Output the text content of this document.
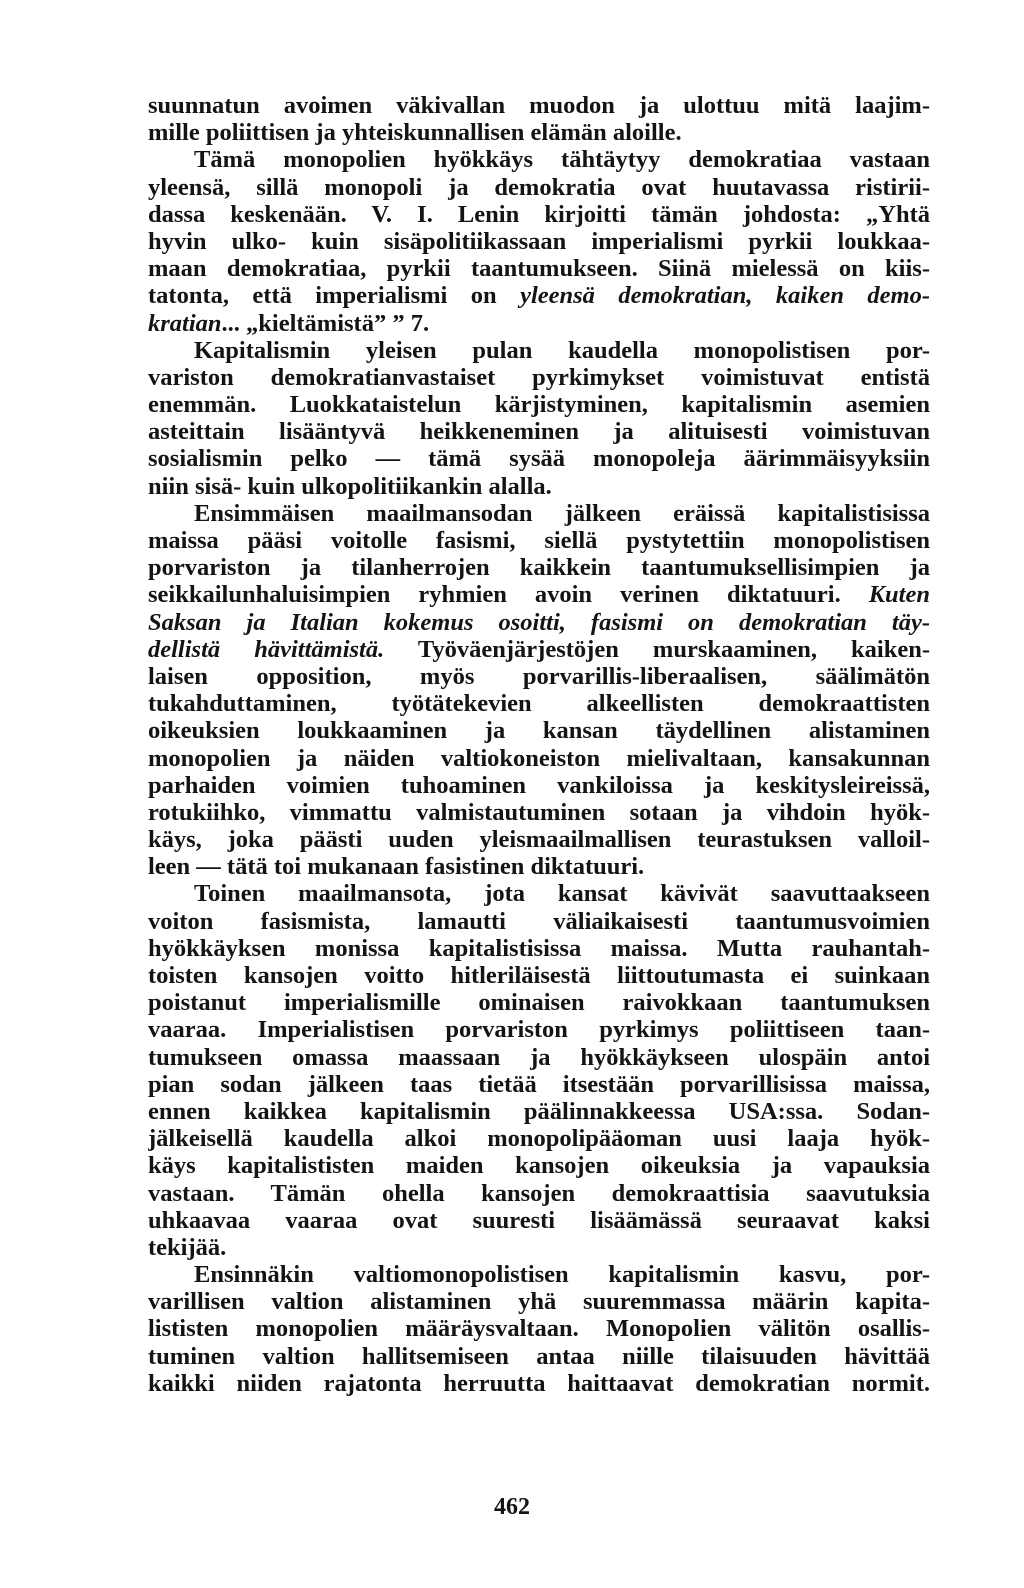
suunnatun avoimen väkivallan muodon ja ulottuu mitä laajim-
mille poliittisen ja yhteiskunnallisen elämän aloille.
Tämä monopolien hyökkäys tähtäytyy demokratiaa vastaan
yleensä, sillä monopoli ja demokratia ovat huutavassa ristirii-
dassa keskenään. V. I. Lenin kirjoitti tämän johdosta: „Yhtä
hyvin ulko- kuin sisäpolitiikassaan imperialismi pyrkii loukkaa-
maan demokratiaa, pyrkii taantumukseen. Siinä mielessä on kiis-
tatonta, että imperialismi on yleensä demokratian, kaiken demo-
kratian... „kieltämistä” ” 7.
Kapitalismin yleisen pulan kaudella monopolistisen por-
variston demokratianvastaiset pyrkimykset voimistuvat entistä
enemmän. Luokkataistelun kärjistyminen, kapitalismin asemien
asteittain lisääntyvä heikkeneminen ja alituisesti voimistuvan
sosialismin pelko — tämä sysää monopoleja äärimmäisyyksiin
niin sisä- kuin ulkopolitiikankin alalla.
Ensimmäisen maailmansodan jälkeen eräissä kapitalistisissa
maissa pääsi voitolle fasismi, siellä pystytettiin monopolistisen
porvariston ja tilanherrojen kaikkein taantumuksellisimpien ja
seikkailunhaluisimpien ryhmien avoin verinen diktatuuri. Kuten
Saksan ja Italian kokemus osoitti, fasismi on demokratian täy-
dellistä hävittämistä. Työväenjärjestöjen murskaaminen, kaiken-
laisen opposition, myös porvarillis-liberaalisen, säälimätön
tukahduttaminen, työtätekevien alkeellisten demokraattisten
oikeuksien loukkaaminen ja kansan täydellinen alistaminen
monopolien ja näiden valtiokoneiston mielivaltaan, kansakunnan
parhaiden voimien tuhoaminen vankiloissa ja keskitysleireissä,
rotukiihko, vimmattu valmistautuminen sotaan ja vihdoin hyök-
käys, joka päästi uuden yleismaailmallisen teurastuksen valloil-
leen — tätä toi mukanaan fasistinen diktatuuri.
Toinen maailmansota, jota kansat kävivät saavuttaakseen
voiton fasismista, lamautti väliaikaisesti taantumusvoimien
hyökkäyksen monissa kapitalistisissa maissa. Mutta rauhantah-
toisten kansojen voitto hitleriläisestä liittoutumasta ei suinkaan
poistanut imperialismille ominaisen raivokkaan taantumuksen
vaaraa. Imperialistisen porvariston pyrkimys poliittiseen taan-
tumukseen omassa maassaan ja hyökkäykseen ulospäin antoi
pian sodan jälkeen taas tietää itsestään porvarillisissa maissa,
ennen kaikkea kapitalismin päälinnakkeessa USA:ssa. Sodan-
jälkeisellä kaudella alkoi monopolipääoman uusi laaja hyök-
käys kapitalististen maiden kansojen oikeuksia ja vapauksia
vastaan. Tämän ohella kansojen demokraattisia saavutuksia
uhkaavaa vaaraa ovat suuresti lisäämässä seuraavat kaksi
tekijää.
Ensinnäkin valtiomonopolistisen kapitalismin kasvu, por-
varillisen valtion alistaminen yhä suuremmassa määrin kapita-
lististen monopolien määräysvaltaan. Monopolien välitön osallis-
tuminen valtion hallitsemiseen antaa niille tilaisuuden hävittää
kaikki niiden rajatonta herruutta haittaavat demokratian normit.
462
